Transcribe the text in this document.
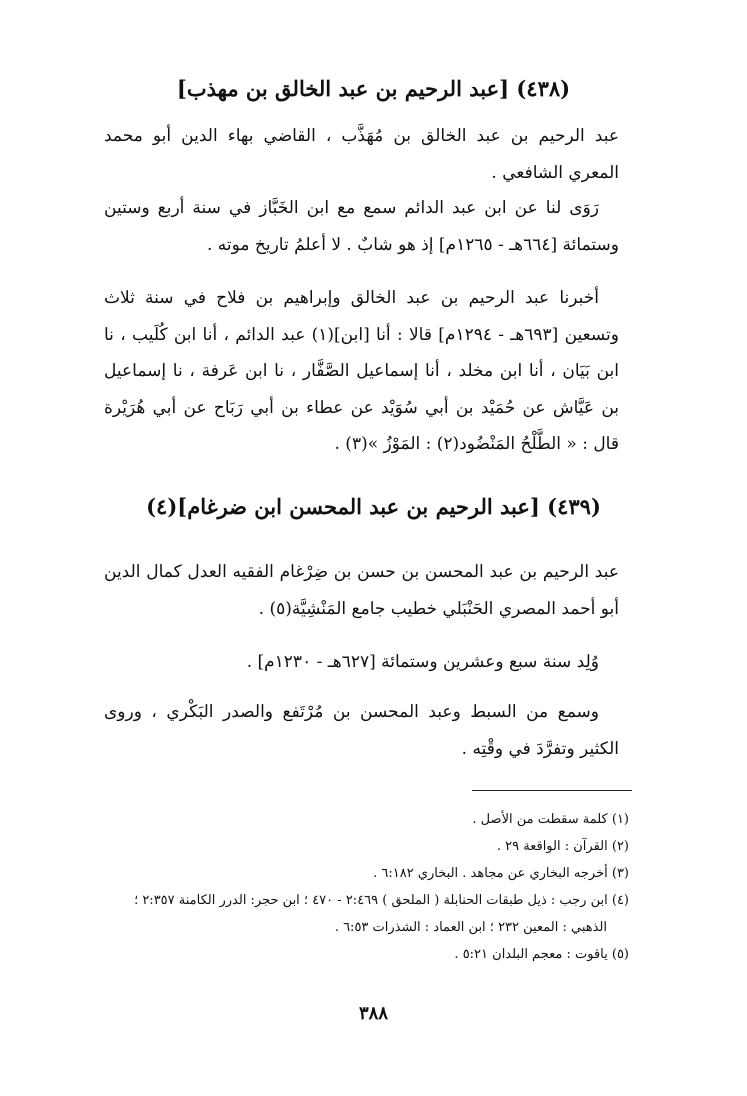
(٤٣٨) [عبد الرحيم بن عبد الخالق بن مهذب]
عبد الرحيم بن عبد الخالق بن مُهَذَّب ، القاضي بهاء الدين أبو محمد المعري الشافعي .
رَوَى لنا عن ابن عبد الدائم سمع مع ابن الخَبَّاز في سنة أربع وستين وستمائة [٦٦٤هـ - ١٢٦٥م] إذ هو شابٌ . لا أعلمُ تاريخ موته .
أخبرنا عبد الرحيم بن عبد الخالق وإبراهيم بن فلاح في سنة ثلاث وتسعين [٦٩٣هـ - ١٢٩٤م] قالا : أنا [ابن](١) عبد الدائم ، أنا ابن كُلَيب ، نا ابن بَيَان ، أنا ابن مخلد ، أنا إسماعيل الصَّفَّار ، نا ابن عَرفة ، نا إسماعيل بن عَيَّاش عن حُمَيْد بن أبي سُوَيْد عن عطاء بن أبي رَبَاح عن أبي هُرَيْرة قال : « الطَّلْحُ المَنْضُود(٢) : المَوْزُ »(٣) .
(٤٣٩) [عبد الرحيم بن عبد المحسن ابن ضرغام](٤)
عبد الرحيم بن عبد المحسن بن حسن بن ضِرْغام الفقيه العدل كمال الدين أبو أحمد المصري الحَنْبَلي خطيب جامع المَنْشِيَّة(٥) .
وُلِد سنة سبع وعشرين وستمائة [٦٢٧هـ - ١٢٣٠م] .
وسمع من السبط وعبد المحسن بن مُرْتَفع والصدر البَكْري ، وروى الكثير وتفرَّدَ في وقْتِه .
(١) كلمة سقطت من الأصل .
(٢) القرآن : الواقعة ٢٩ .
(٣) أخرجه البخاري عن مجاهد . البخاري ٦:١٨٢ .
(٤) ابن رجب : ذيل طبقات الحنابلة ( الملحق ) ٢:٤٦٩ - ٤٧٠ ؛ ابن حجر: الدرر الكامنة ٢:٣٥٧ ؛
الذهبي : المعين ٢٣٢ ؛ ابن العماد : الشذرات ٦:٥٣ .
(٥) ياقوت : معجم البلدان ٥:٢١ .
٣٨٨
